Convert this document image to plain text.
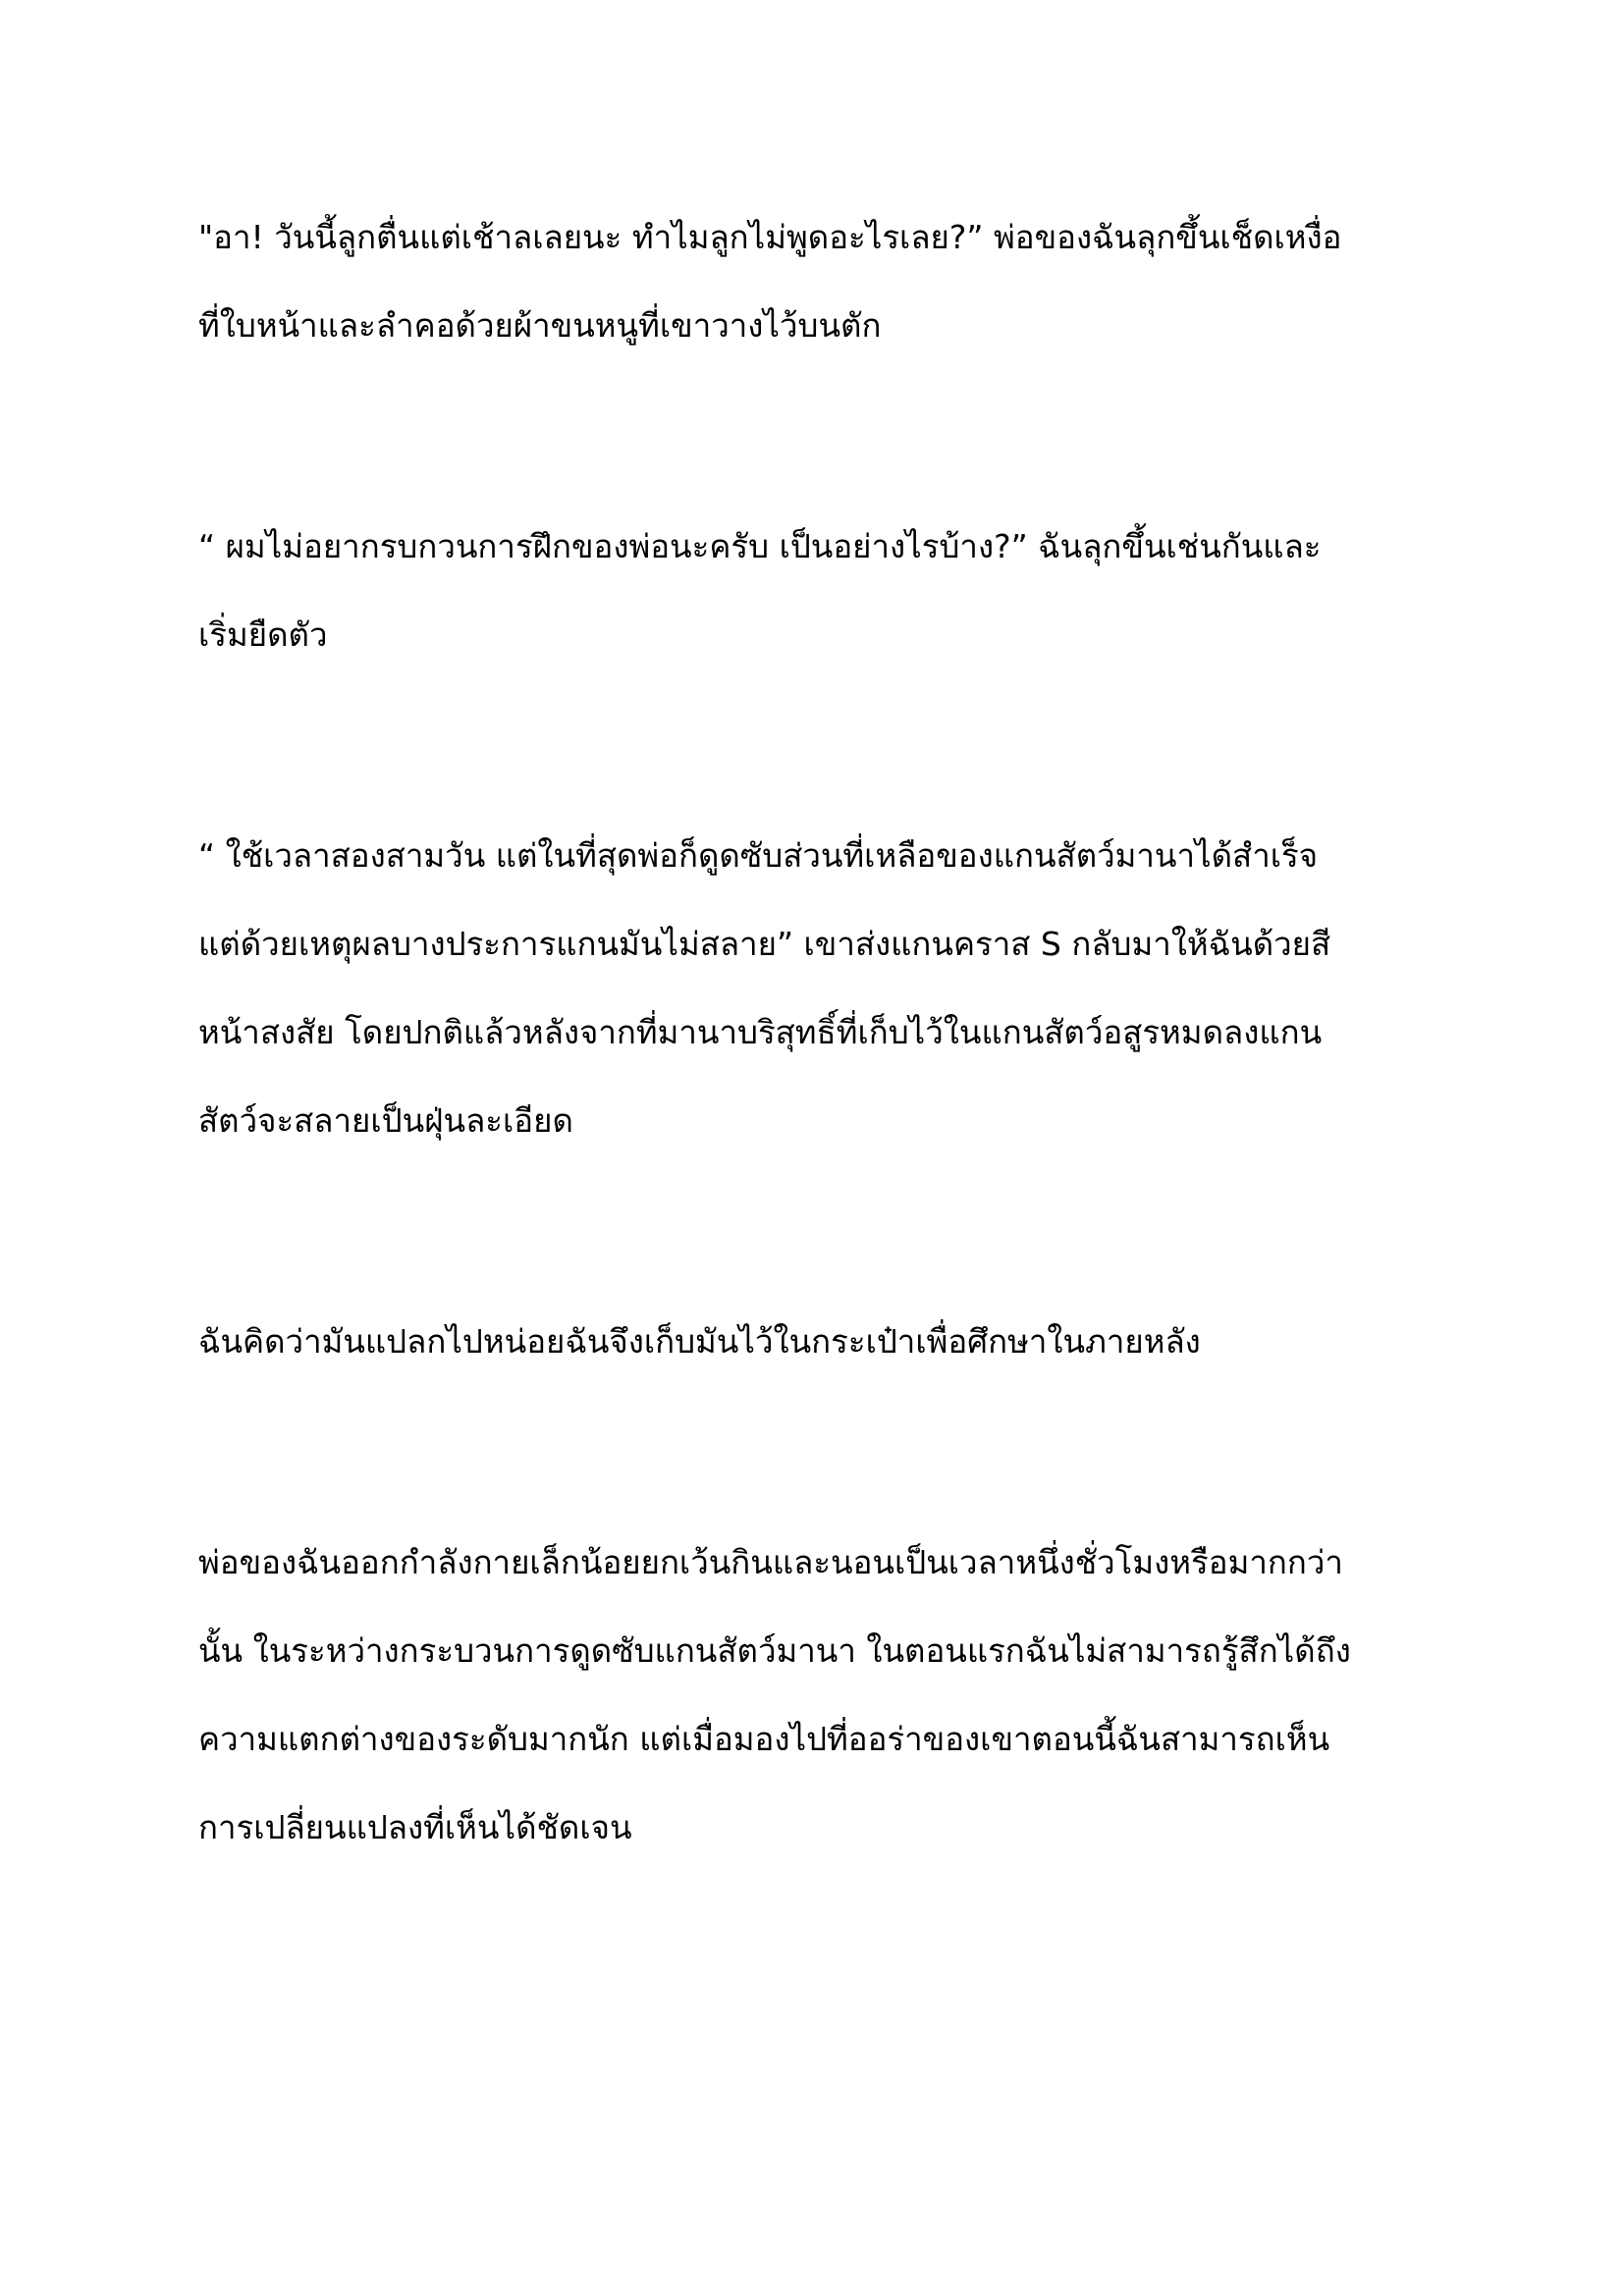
"อา! วันนี้ลูกตื่นแต่เช้าลเลยนะ ทำไมลูกไม่พูดอะไรเลย?” พ่อของฉันลุกขึ้นเช็ดเหงื่อ
ที่ใบหน้าและลำคอด้วยผ้าขนหนูที่เขาวางไว้บนตัก

“ ผมไม่อยากรบกวนการฝึกของพ่อนะครับ เป็นอย่างไรบ้าง?” ฉันลุกขึ้นเช่นกันและ
เริ่มยืดตัว

“ ใช้เวลาสองสามวัน แต่ในที่สุดพ่อก็ดูดซับส่วนที่เหลือของแกนสัตว์มานาได้สำเร็จ
แต่ด้วยเหตุผลบางประการแกนมันไม่สลาย” เขาส่งแกนคราส S กลับมาให้ฉันด้วยสี
หน้าสงสัย โดยปกติแล้วหลังจากที่มานาบริสุทธิ์ที่เก็บไว้ในแกนสัตว์อสูรหมดลงแกน
สัตว์จะสลายเป็นฝุ่นละเอียด

ฉันคิดว่ามันแปลกไปหน่อยฉันจึงเก็บมันไว้ในกระเป๋าเพื่อศึกษาในภายหลัง

พ่อของฉันออกกำลังกายเล็กน้อยยกเว้นกินและนอนเป็นเวลาหนึ่งชั่วโมงหรือมากกว่า
นั้น ในระหว่างกระบวนการดูดซับแกนสัตว์มานา ในตอนแรกฉันไม่สามารถรู้สึกได้ถึง
ความแตกต่างของระดับมากนัก แต่เมื่อมองไปที่ออร่าของเขาตอนนี้ฉันสามารถเห็น
การเปลี่ยนแปลงที่เห็นได้ชัดเจน
